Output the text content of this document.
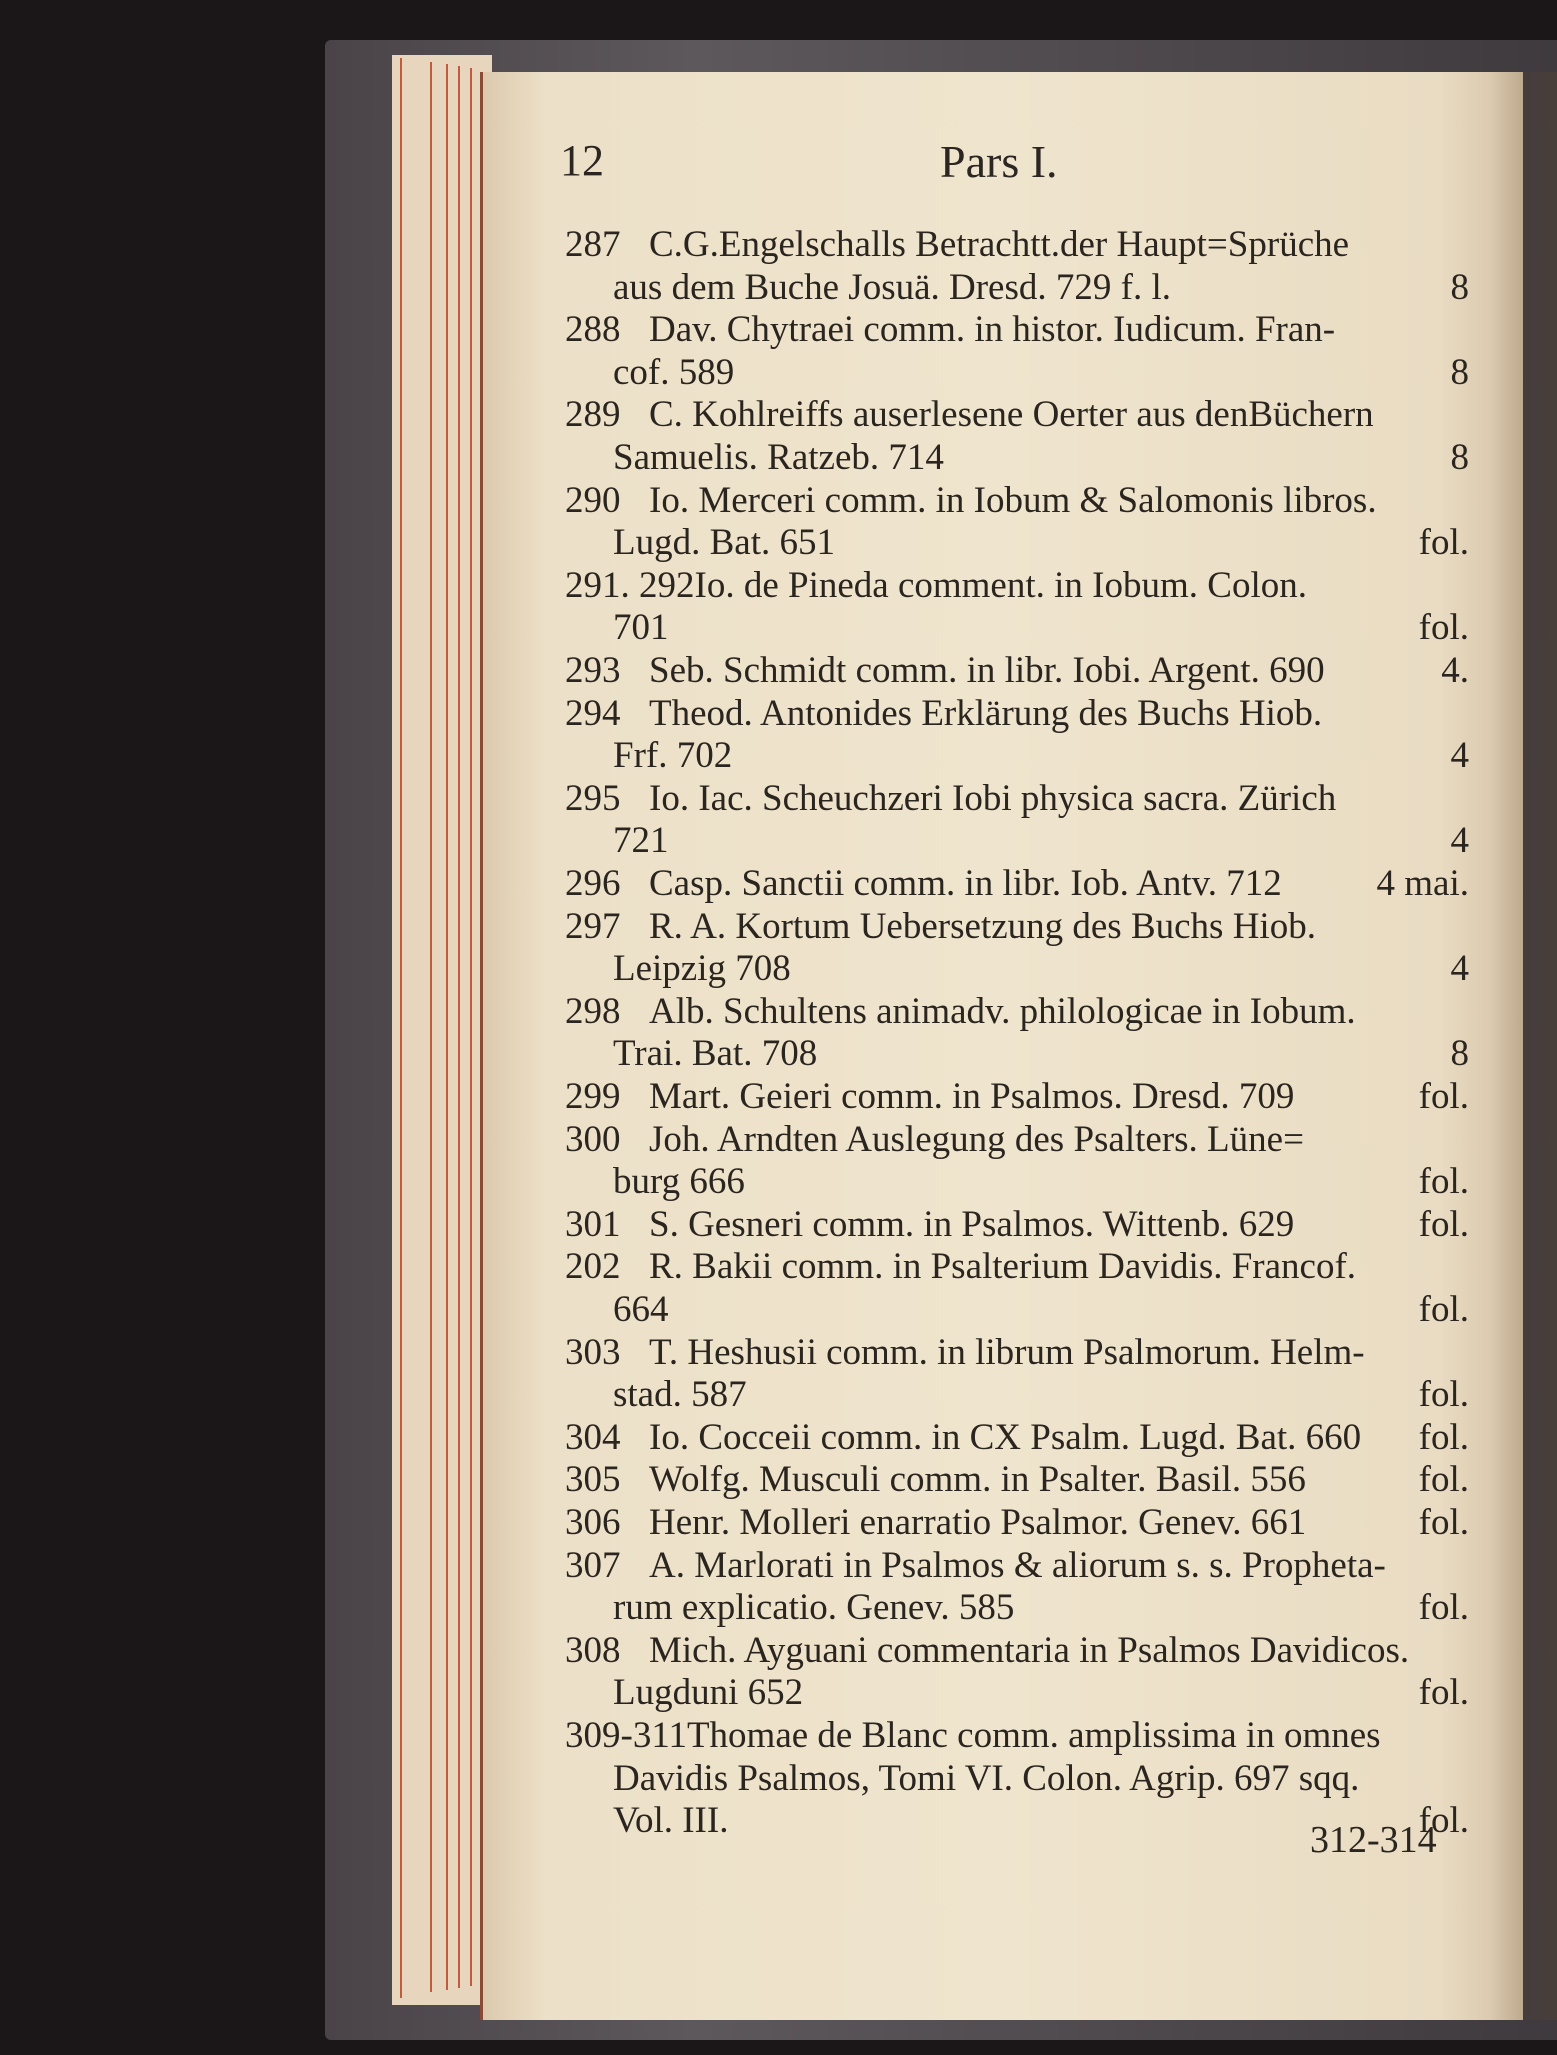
12	Pars I.
287 C.G.Engelschalls Betrachtt.der Haupt=Sprüche
aus dem Buche Josuä. Dresd. 729 f. l.	8
288 Dav. Chytraei comm. in histor. Iudicum. Fran-
cof. 589	8
289 C. Kohlreiffs auserlesene Oerter aus denBüchern
Samuelis. Ratzeb. 714	8
290 Io. Merceri comm. in Iobum & Salomonis libros.
Lugd. Bat. 651	fol.
291. 292Io. de Pineda comment. in Iobum. Colon.
701	fol.
293 Seb. Schmidt comm. in libr. Iobi. Argent. 690	4.
294 Theod. Antonides Erklärung des Buchs Hiob.
Frf. 702	4
295 Io. Iac. Scheuchzeri Iobi physica sacra. Zürich
721	4
296 Casp. Sanctii comm. in libr. Iob. Antv. 712	4 mai.
297 R. A. Kortum Uebersetzung des Buchs Hiob.
Leipzig 708	4
298 Alb. Schultens animadv. philologicae in Iobum.
Trai. Bat. 708	8
299 Mart. Geieri comm. in Psalmos. Dresd. 709	fol.
300 Joh. Arndten Auslegung des Psalters. Lüne=
burg 666	fol.
301 S. Gesneri comm. in Psalmos. Wittenb. 629	fol.
202 R. Bakii comm. in Psalterium Davidis. Francof.
664	fol.
303 T. Heshusii comm. in librum Psalmorum. Helm-
stad. 587	fol.
304 Io. Cocceii comm. in CX Psalm. Lugd. Bat. 660 fol.
305 Wolfg. Musculi comm. in Psalter. Basil. 556	fol.
306 Henr. Molleri enarratio Psalmor. Genev. 661	fol.
307 A. Marlorati in Psalmos & aliorum s. s. Propheta-
rum explicatio. Genev. 585	fol.
308 Mich. Ayguani commentaria in Psalmos Davidicos.
Lugduni 652	fol.
309-311Thomae de Blanc comm. amplissima in omnes
Davidis Psalmos, Tomi VI. Colon. Agrip. 697 sqq.
Vol. III.	fol.
312-314
